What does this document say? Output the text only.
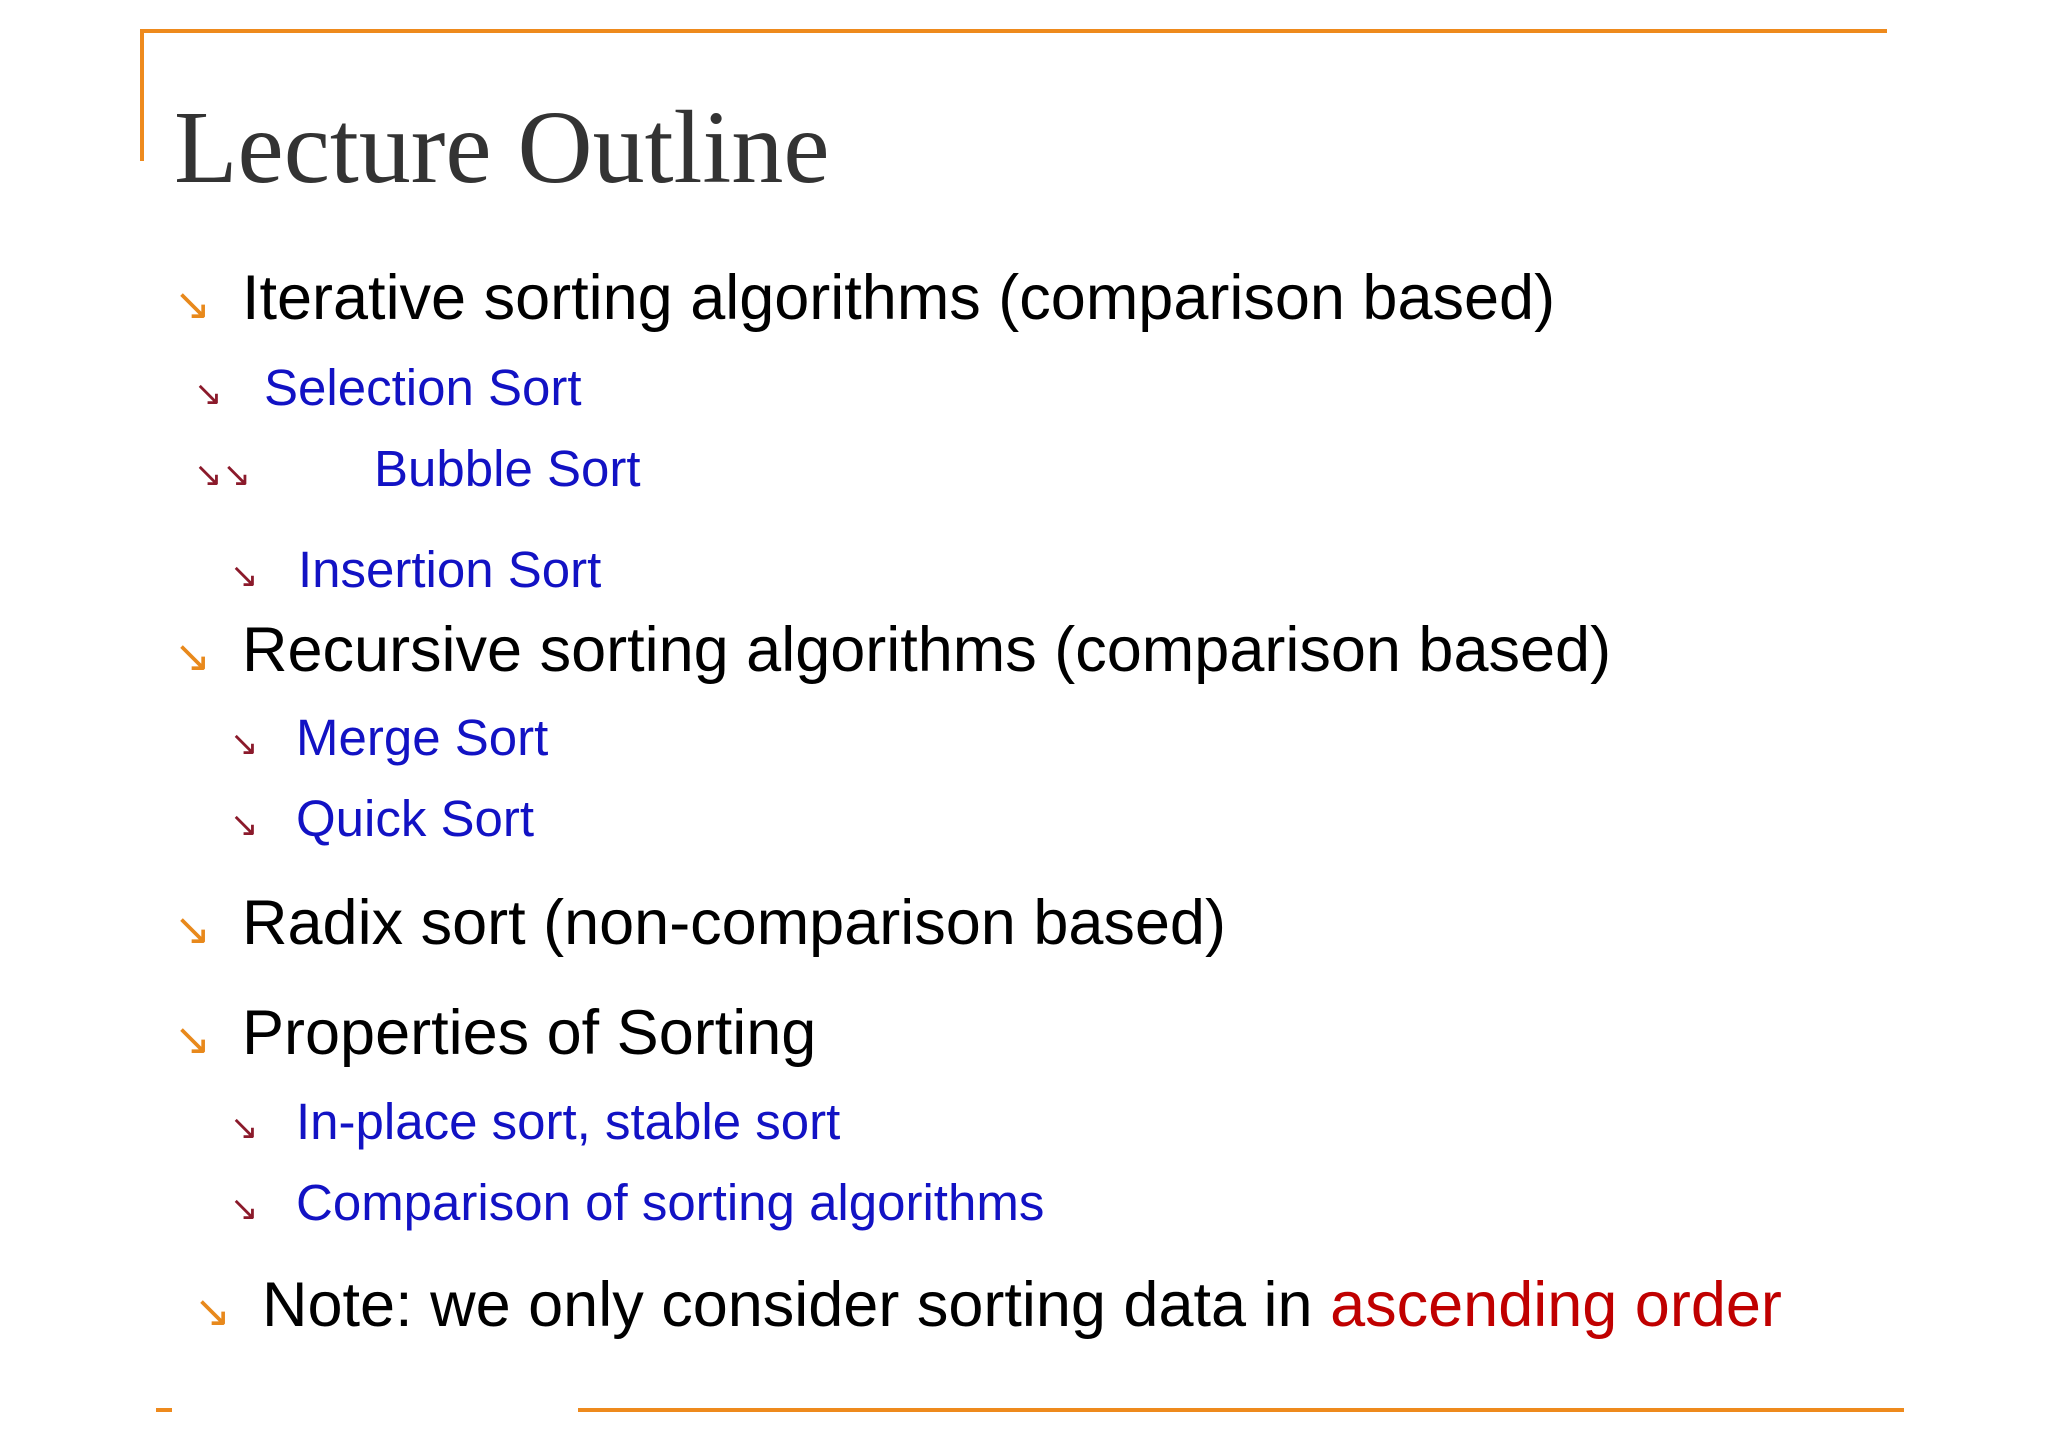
Lecture Outline
↘ Iterative sorting algorithms (comparison based)
↘ Selection Sort
↘↘	Bubble Sort
↘ Insertion Sort
↘ Recursive sorting algorithms (comparison based)
↘ Merge Sort
↘ Quick Sort
↘ Radix sort (non-comparison based)
↘ Properties of Sorting
↘ In-place sort, stable sort
↘ Comparison of sorting algorithms
↘ Note: we only consider sorting data in ascending order
